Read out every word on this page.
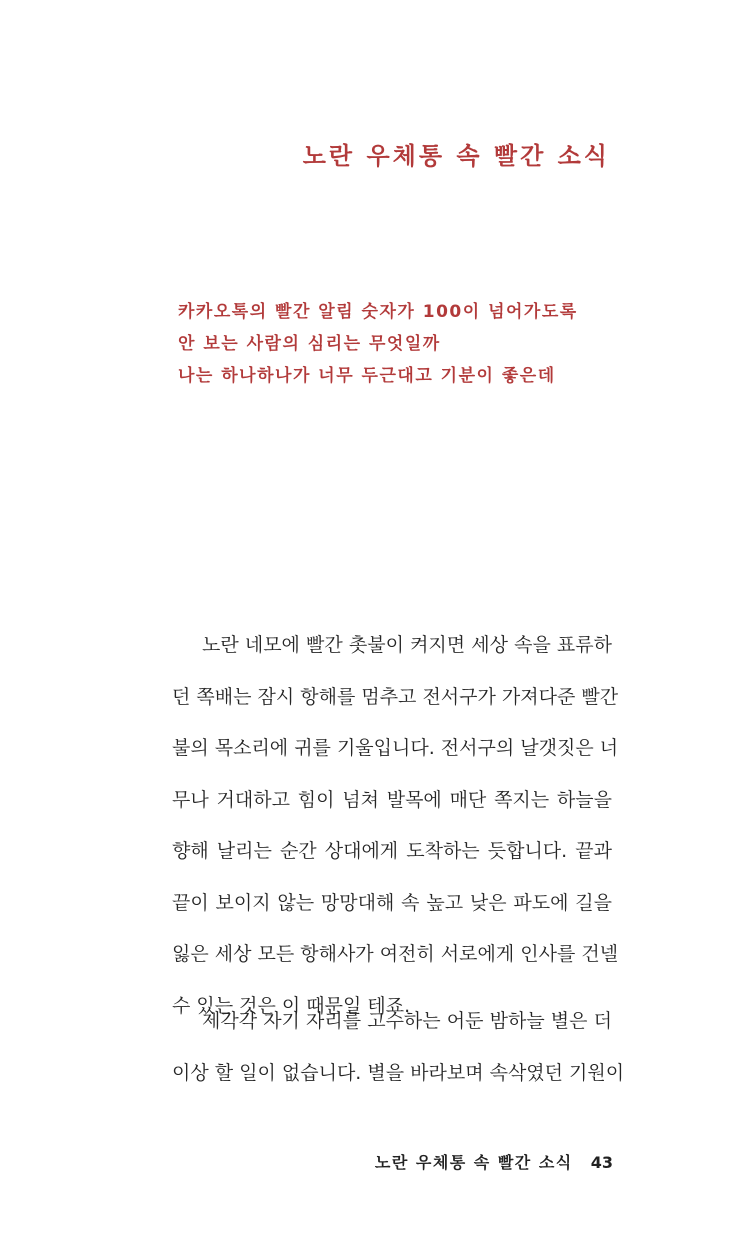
노란 우체통 속 빨간 소식
카카오톡의 빨간 알림 숫자가 100이 넘어가도록
안 보는 사람의 심리는 무엇일까
나는 하나하나가 너무 두근대고 기분이 좋은데
노란 네모에 빨간 촛불이 켜지면 세상 속을 표류하
던 쪽배는 잠시 항해를 멈추고 전서구가 가져다준 빨간
불의 목소리에 귀를 기울입니다. 전서구의 날갯짓은 너
무나 거대하고 힘이 넘쳐 발목에 매단 쪽지는 하늘을
향해 날리는 순간 상대에게 도착하는 듯합니다. 끝과
끝이 보이지 않는 망망대해 속 높고 낮은 파도에 길을
잃은 세상 모든 항해사가 여전히 서로에게 인사를 건넬
수 있는 것은 이 때문일 테죠.
제각각 자기 자리를 고수하는 어둔 밤하늘 별은 더
이상 할 일이 없습니다. 별을 바라보며 속삭였던 기원이
노란 우체통 속 빨간 소식 43
